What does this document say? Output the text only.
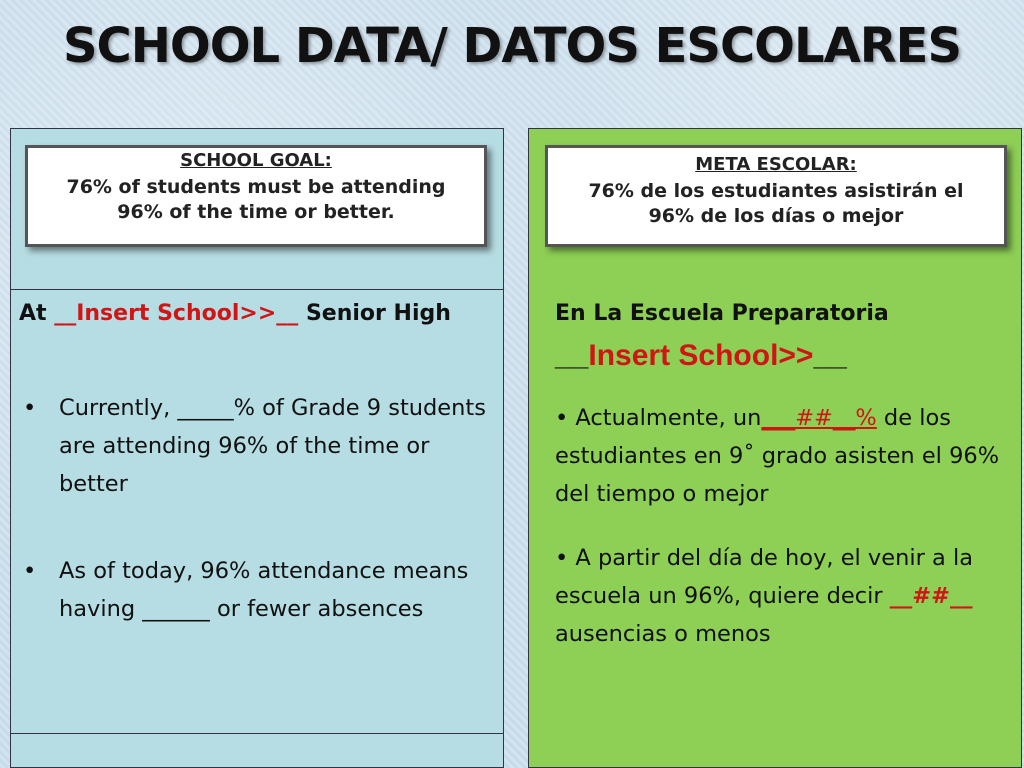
SCHOOL DATA/ DATOS ESCOLARES
SCHOOL GOAL:
76% of students must be attending
96% of the time or better.
At __Insert School>>__ Senior High
• Currently, _____% of Grade 9 students are attending 96% of the time or better
• As of today, 96% attendance means having ______ or fewer absences
META ESCOLAR:
76% de los estudiantes asistirán el
96% de los días o mejor
En La Escuela Preparatoria
__Insert School>>__
• Actualmente, un___##__% de los estudiantes en 9˚ grado asisten el 96% del tiempo o mejor
• A partir del día de hoy, el venir a la escuela un 96%, quiere decir __##__ ausencias o menos
